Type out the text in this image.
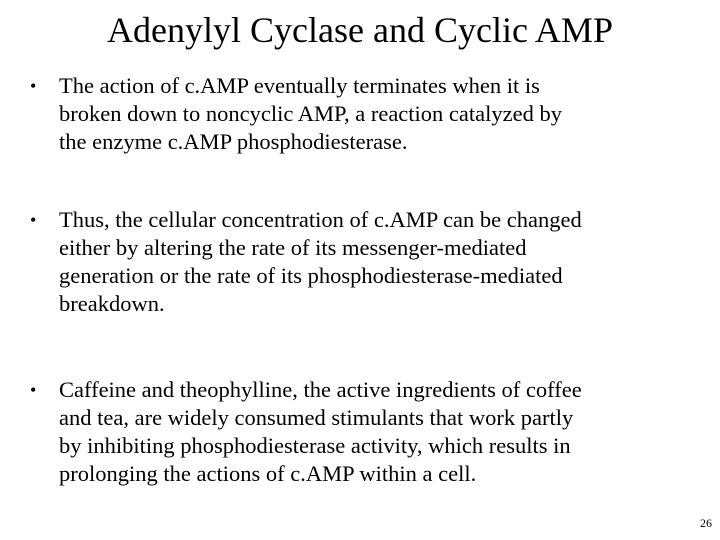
Adenylyl Cyclase and Cyclic AMP
•	The action of c.AMP eventually terminates when it is
broken down to noncyclic AMP, a reaction catalyzed by
the enzyme c.AMP phosphodiesterase.
•	Thus, the cellular concentration of c.AMP can be changed
either by altering the rate of its messenger-mediated
generation or the rate of its phosphodiesterase-mediated
breakdown.
•	Caffeine and theophylline, the active ingredients of coffee
and tea, are widely consumed stimulants that work partly
by inhibiting phosphodiesterase activity, which results in
prolonging the actions of c.AMP within a cell.
26
